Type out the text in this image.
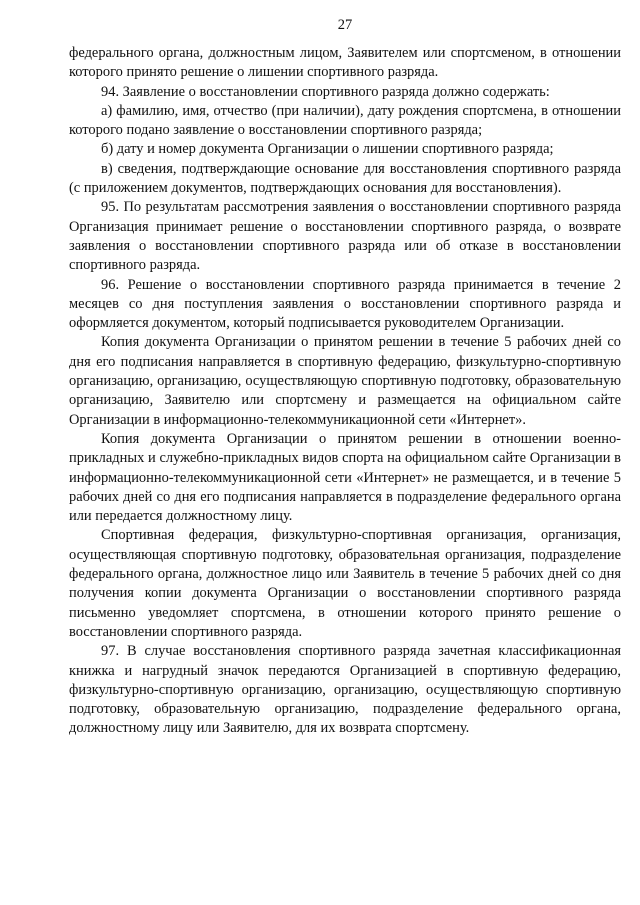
27

федерального органа, должностным лицом, Заявителем или спортсменом, в отношении которого принято решение о лишении спортивного разряда.

94. Заявление о восстановлении спортивного разряда должно содержать:

а) фамилию, имя, отчество (при наличии), дату рождения спортсмена, в отношении которого подано заявление о восстановлении спортивного разряда;

б) дату и номер документа Организации о лишении спортивного разряда;

в) сведения, подтверждающие основание для восстановления спортивного разряда (с приложением документов, подтверждающих основания для восстановления).

95. По результатам рассмотрения заявления о восстановлении спортивного разряда Организация принимает решение о восстановлении спортивного разряда, о возврате заявления о восстановлении спортивного разряда или об отказе в восстановлении спортивного разряда.

96. Решение о восстановлении спортивного разряда принимается в течение 2 месяцев со дня поступления заявления о восстановлении спортивного разряда и оформляется документом, который подписывается руководителем Организации.

Копия документа Организации о принятом решении в течение 5 рабочих дней со дня его подписания направляется в спортивную федерацию, физкультурно-спортивную организацию, организацию, осуществляющую спортивную подготовку, образовательную организацию, Заявителю или спортсмену и размещается на официальном сайте Организации в информационно-телекоммуникационной сети «Интернет».

Копия документа Организации о принятом решении в отношении военно-прикладных и служебно-прикладных видов спорта на официальном сайте Организации в информационно-телекоммуникационной сети «Интернет» не размещается, и в течение 5 рабочих дней со дня его подписания направляется в подразделение федерального органа или передается должностному лицу.

Спортивная федерация, физкультурно-спортивная организация, организация, осуществляющая спортивную подготовку, образовательная организация, подразделение федерального органа, должностное лицо или Заявитель в течение 5 рабочих дней со дня получения копии документа Организации о восстановлении спортивного разряда письменно уведомляет спортсмена, в отношении которого принято решение о восстановлении спортивного разряда.

97. В случае восстановления спортивного разряда зачетная классификационная книжка и нагрудный значок передаются Организацией в спортивную федерацию, физкультурно-спортивную организацию, организацию, осуществляющую спортивную подготовку, образовательную организацию, подразделение федерального органа, должностному лицу или Заявителю, для их возврата спортсмену.
